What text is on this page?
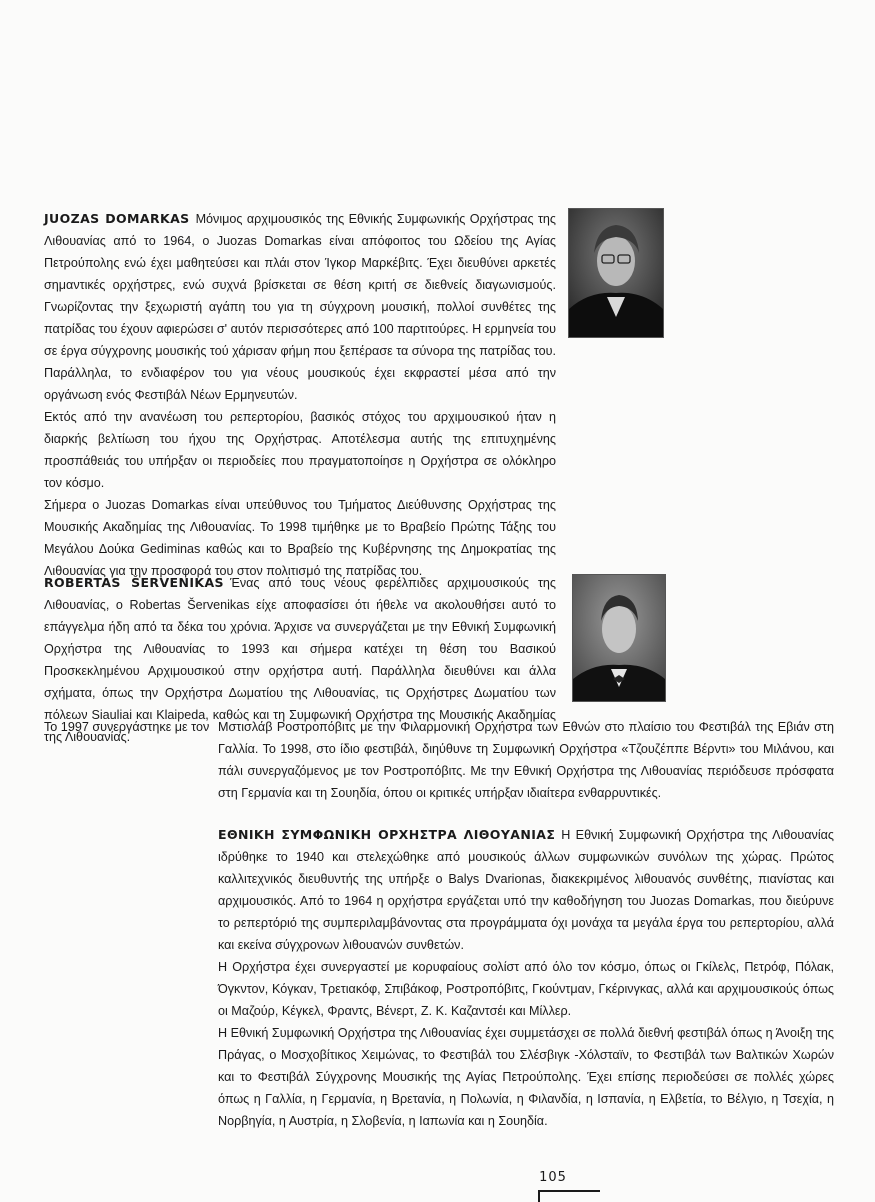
JUOZAS DOMARKAS Μόνιμος αρχιμουσικός της Εθνικής Συμφωνικής Ορχήστρας της Λιθουανίας από το 1964, ο Juozas Domarkas είναι απόφοιτος του Ωδείου της Αγίας Πετρούπολης ενώ έχει μαθητεύσει και πλάι στον Ίγκορ Μαρκέβιτς. Έχει διευθύνει αρκετές σημαντικές ορχήστρες, ενώ συχνά βρίσκεται σε θέση κριτή σε διεθνείς διαγωνισμούς. Γνωρίζοντας την ξεχωριστή αγάπη του για τη σύγχρονη μουσική, πολλοί συνθέτες της πατρίδας του έχουν αφιερώσει σ' αυτόν περισσότερες από 100 παρτιτούρες. Η ερμηνεία του σε έργα σύγχρονης μουσικής τού χάρισαν φήμη που ξεπέρασε τα σύνορα της πατρίδας του. Παράλληλα, το ενδιαφέρον του για νέους μουσικούς έχει εκφραστεί μέσα από την οργάνωση ενός Φεστιβάλ Νέων Ερμηνευτών.
Εκτός από την ανανέωση του ρεπερτορίου, βασικός στόχος του αρχιμουσικού ήταν η διαρκής βελτίωση του ήχου της Ορχήστρας. Αποτέλεσμα αυτής της επιτυχημένης προσπάθειάς του υπήρξαν οι περιοδείες που πραγματοποίησε η Ορχήστρα σε ολόκληρο τον κόσμο.
Σήμερα ο Juozas Domarkas είναι υπεύθυνος του Τμήματος Διεύθυνσης Ορχήστρας της Μουσικής Ακαδημίας της Λιθουανίας. Το 1998 τιμήθηκε με το Βραβείο Πρώτης Τάξης του Μεγάλου Δούκα Gediminas καθώς και το Βραβείο της Κυβέρνησης της Δημοκρατίας της Λιθουανίας για την προσφορά του στον πολιτισμό της πατρίδας του.
ROBERTAS ŠERVENIKAS Ένας από τους νέους φερέλπιδες αρχιμουσικούς της Λιθουανίας, ο Robertas Šervenikas είχε αποφασίσει ότι ήθελε να ακολουθήσει αυτό το επάγγελμα ήδη από τα δέκα του χρόνια. Άρχισε να συνεργάζεται με την Εθνική Συμφωνική Ορχήστρα της Λιθουανίας το 1993 και σήμερα κατέχει τη θέση του Βασικού Προσκεκλημένου Αρχιμουσικού στην ορχήστρα αυτή. Παράλληλα διευθύνει και άλλα σχήματα, όπως την Ορχήστρα Δωματίου της Λιθουανίας, τις Ορχήστρες Δωματίου των πόλεων Siauliai και Klaipeda, καθώς και τη Συμφωνική Ορχήστρα της Μουσικής Ακαδημίας της Λιθουανίας.
Το 1997 συνεργάστηκε με τον Μστισλάβ Ροστροπόβιτς με την Φιλαρμονική Ορχήστρα των Εθνών στο πλαίσιο του Φεστιβάλ της Εβιάν στη Γαλλία. Το 1998, στο ίδιο φεστιβάλ, διηύθυνε τη Συμφωνική Ορχήστρα «Τζουζέππε Βέρντι» του Μιλάνου, και πάλι συνεργαζόμενος με τον Ροστροπόβιτς. Με την Εθνική Ορχήστρα της Λιθουανίας περιόδευσε πρόσφατα στη Γερμανία και τη Σουηδία, όπου οι κριτικές υπήρξαν ιδιαίτερα ενθαρρυντικές.
ΕΘΝΙΚΗ ΣΥΜΦΩΝΙΚΗ ΟΡΧΗΣΤΡΑ ΛΙΘΟΥΑΝΙΑΣ Η Εθνική Συμφωνική Ορχήστρα της Λιθουανίας ιδρύθηκε το 1940 και στελεχώθηκε από μουσικούς άλλων συμφωνικών συνόλων της χώρας. Πρώτος καλλιτεχνικός διευθυντής της υπήρξε ο Balys Dvarionas, διακεκριμένος λιθουανός συνθέτης, πιανίστας και αρχιμουσικός. Από το 1964 η ορχήστρα εργάζεται υπό την καθοδήγηση του Juozas Domarkas, που διεύρυνε το ρεπερτόριό της συμπεριλαμβάνοντας στα προγράμματα όχι μονάχα τα μεγάλα έργα του ρεπερτορίου, αλλά και εκείνα σύγχρονων λιθουανών συνθετών.
Η Ορχήστρα έχει συνεργαστεί με κορυφαίους σολίστ από όλο τον κόσμο, όπως οι Γκίλελς, Πετρόφ, Πόλακ, Όγκντον, Κόγκαν, Τρετιακόφ, Σπιβάκοφ, Ροστροπόβιτς, Γκούντμαν, Γκέρινγκας, αλλά και αρχιμουσικούς όπως οι Μαζούρ, Κέγκελ, Φραντς, Βένερτ, Ζ. Κ. Καζαντσέι και Μίλλερ.
Η Εθνική Συμφωνική Ορχήστρα της Λιθουανίας έχει συμμετάσχει σε πολλά διεθνή φεστιβάλ όπως η Άνοιξη της Πράγας, ο Μοσχοβίτικος Χειμώνας, το Φεστιβάλ του Σλέσβιγκ -Χόλσταϊν, το Φεστιβάλ των Βαλτικών Χωρών και το Φεστιβάλ Σύγχρονης Μουσικής της Αγίας Πετρούπολης. Έχει επίσης περιοδεύσει σε πολλές χώρες όπως η Γαλλία, η Γερμανία, η Βρετανία, η Πολωνία, η Φιλανδία, η Ισπανία, η Ελβετία, το Βέλγιο, η Τσεχία, η Νορβηγία, η Αυστρία, η Σλοβενία, η Ιαπωνία και η Σουηδία.
105
